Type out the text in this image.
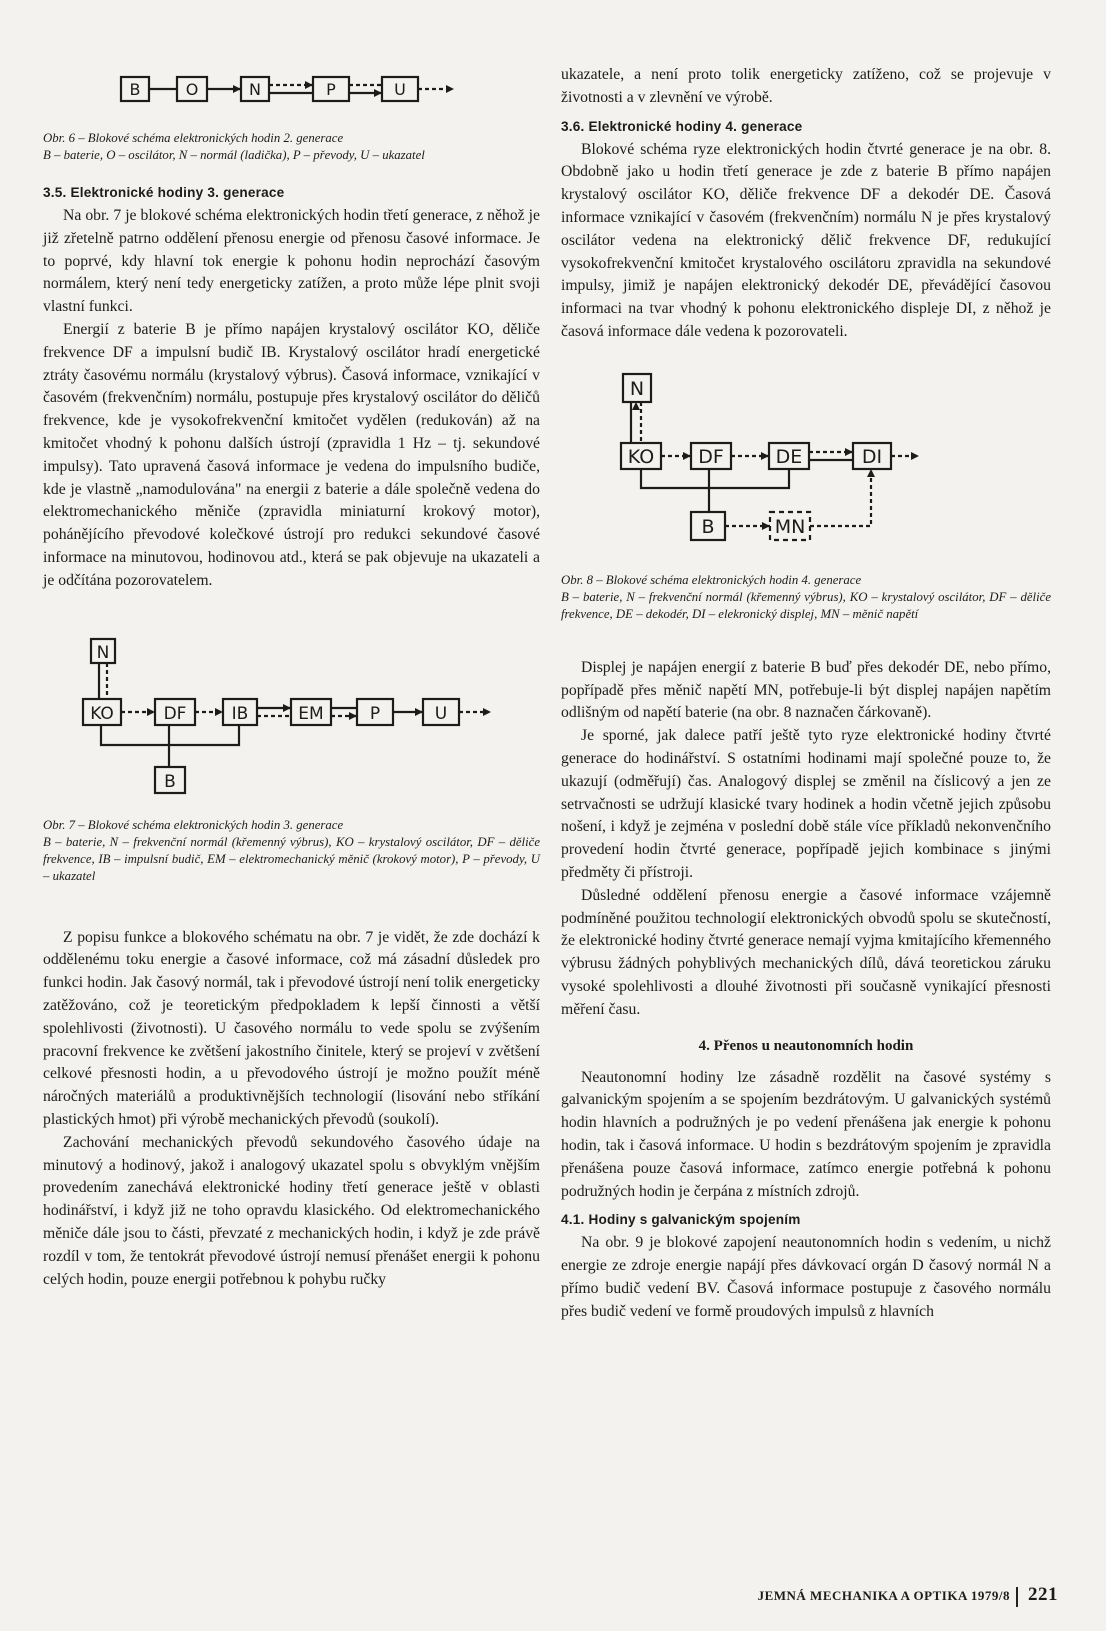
B	O	N	P	U
Obr. 6 – Blokové schéma elektronických hodin 2. generace
B – baterie, O – oscilátor, N – normál (ladička), P – převody, U – ukazatel
3.5. Elektronické hodiny 3. generace

Na obr. 7 je blokové schéma elektronických hodin třetí generace, z něhož je již zřetelně patrno oddělení přenosu energie od přenosu časové informace. Je to poprvé, kdy hlavní tok energie k pohonu hodin neprochází časovým normálem, který není tedy energeticky zatížen, a proto může lépe plnit svoji vlastní funkci.

Energií z baterie B je přímo napájen krystalový oscilátor KO, děliče frekvence DF a impulsní budič IB. Krystalový oscilátor hradí energetické ztráty časovému normálu (krystalový výbrus). Časová informace, vznikající v časovém (frekvenčním) normálu, postupuje přes krystalový oscilátor do děličů frekvence, kde je vysokofrekvenční kmitočet vydělen (redukován) až na kmitočet vhodný k pohonu dalších ústrojí (zpravidla 1 Hz – tj. sekundové impulsy). Tato upravená časová informace je vedena do impulsního budiče, kde je vlastně „namodulována" na energii z baterie a dále společně vedena do elektromechanického měniče (zpravidla miniaturní krokový motor), pohánějícího převodové kolečkové ústrojí pro redukci sekundové časové informace na minutovou, hodinovou atd., která se pak objevuje na ukazateli a je odčítána pozorovatelem.

N
KO	DF	IB	EM	P	U
B
Obr. 7 – Blokové schéma elektronických hodin 3. generace
B – baterie, N – frekvenční normál (křemenný výbrus), KO – krystalový oscilátor, DF – děliče frekvence, IB – impulsní budič, EM – elektromechanický měnič (krokový motor), P – převody, U – ukazatel

Z popisu funkce a blokového schématu na obr. 7 je vidět, že zde dochází k oddělenému toku energie a časové informace, což má zásadní důsledek pro funkci hodin. Jak časový normál, tak i převodové ústrojí není tolik energeticky zatěžováno, což je teoretickým předpokladem k lepší činnosti a větší spolehlivosti (životnosti). U časového normálu to vede spolu se zvýšením pracovní frekvence ke zvětšení jakostního činitele, který se projeví v zvětšení celkové přesnosti hodin, a u převodového ústrojí je možno použít méně náročných materiálů a produktivnějších technologií (lisování nebo stříkání plastických hmot) při výrobě mechanických převodů (soukolí).

Zachování mechanických převodů sekundového časového údaje na minutový a hodinový, jakož i analogový ukazatel spolu s obvyklým vnějším provedením zanechává elektronické hodiny třetí generace ještě v oblasti hodinářství, i když již ne toho opravdu klasického. Od elektromechanického měniče dále jsou to části, převzaté z mechanických hodin, i když je zde právě rozdíl v tom, že tentokrát převodové ústrojí nemusí přenášet energii k pohonu celých hodin, pouze energii potřebnou k pohybu ručky

ukazatele, a není proto tolik energeticky zatíženo, což se projevuje v životnosti a v zlevnění ve výrobě.

3.6. Elektronické hodiny 4. generace

Blokové schéma ryze elektronických hodin čtvrté generace je na obr. 8. Obdobně jako u hodin třetí generace je zde z baterie B přímo napájen krystalový oscilátor KO, děliče frekvence DF a dekodér DE. Časová informace vznikající v časovém (frekvenčním) normálu N je přes krystalový oscilátor vedena na elektronický dělič frekvence DF, redukující vysokofrekvenční kmitočet krystalového oscilátoru zpravidla na sekundové impulsy, jimiž je napájen elektronický dekodér DE, převádějící časovou informaci na tvar vhodný k pohonu elektronického displeje DI, z něhož je časová informace dále vedena k pozorovateli.

N
KO DF	DE	DI
B	MN
Obr. 8 – Blokové schéma elektronických hodin 4. generace
B – baterie, N – frekvenční normál (křemenný výbrus), KO – krystalový oscilátor, DF – děliče frekvence, DE – dekodér, DI – elekronický displej, MN – měnič napětí

Displej je napájen energií z baterie B buď přes dekodér DE, nebo přímo, popřípadě přes měnič napětí MN, potřebuje-li být displej napájen napětím odlišným od napětí baterie (na obr. 8 naznačen čárkovaně).

Je sporné, jak dalece patří ještě tyto ryze elektronické hodiny čtvrté generace do hodinářství. S ostatními hodinami mají společné pouze to, že ukazují (odměřují) čas. Analogový displej se změnil na číslicový a jen ze setrvačnosti se udržují klasické tvary hodinek a hodin včetně jejich způsobu nošení, i když je zejména v poslední době stále více příkladů nekonvenčního provedení hodin čtvrté generace, popřípadě jejich kombinace s jinými předměty či přístroji.

Důsledné oddělení přenosu energie a časové informace vzájemně podmíněné použitou technologií elektronických obvodů spolu se skutečností, že elektronické hodiny čtvrté generace nemají vyjma kmitajícího křemenného výbrusu žádných pohyblivých mechanických dílů, dává teoretickou záruku vysoké spolehlivosti a dlouhé životnosti při současně vynikající přesnosti měření času.

4. Přenos u neautonomních hodin

Neautonomní hodiny lze zásadně rozdělit na časové systémy s galvanickým spojením a se spojením bezdrátovým. U galvanických systémů hodin hlavních a podružných je po vedení přenášena jak energie k pohonu hodin, tak i časová informace. U hodin s bezdrátovým spojením je zpravidla přenášena pouze časová informace, zatímco energie potřebná k pohonu podružných hodin je čerpána z místních zdrojů.

4.1. Hodiny s galvanickým spojením

Na obr. 9 je blokové zapojení neautonomních hodin s vedením, u nichž energie ze zdroje energie napájí přes dávkovací orgán D časový normál N a přímo budič vedení BV. Časová informace postupuje z časového normálu přes budič vedení ve formě proudových impulsů z hlavních

JEMNÁ MECHANIKA A OPTIKA 1979/8 221
